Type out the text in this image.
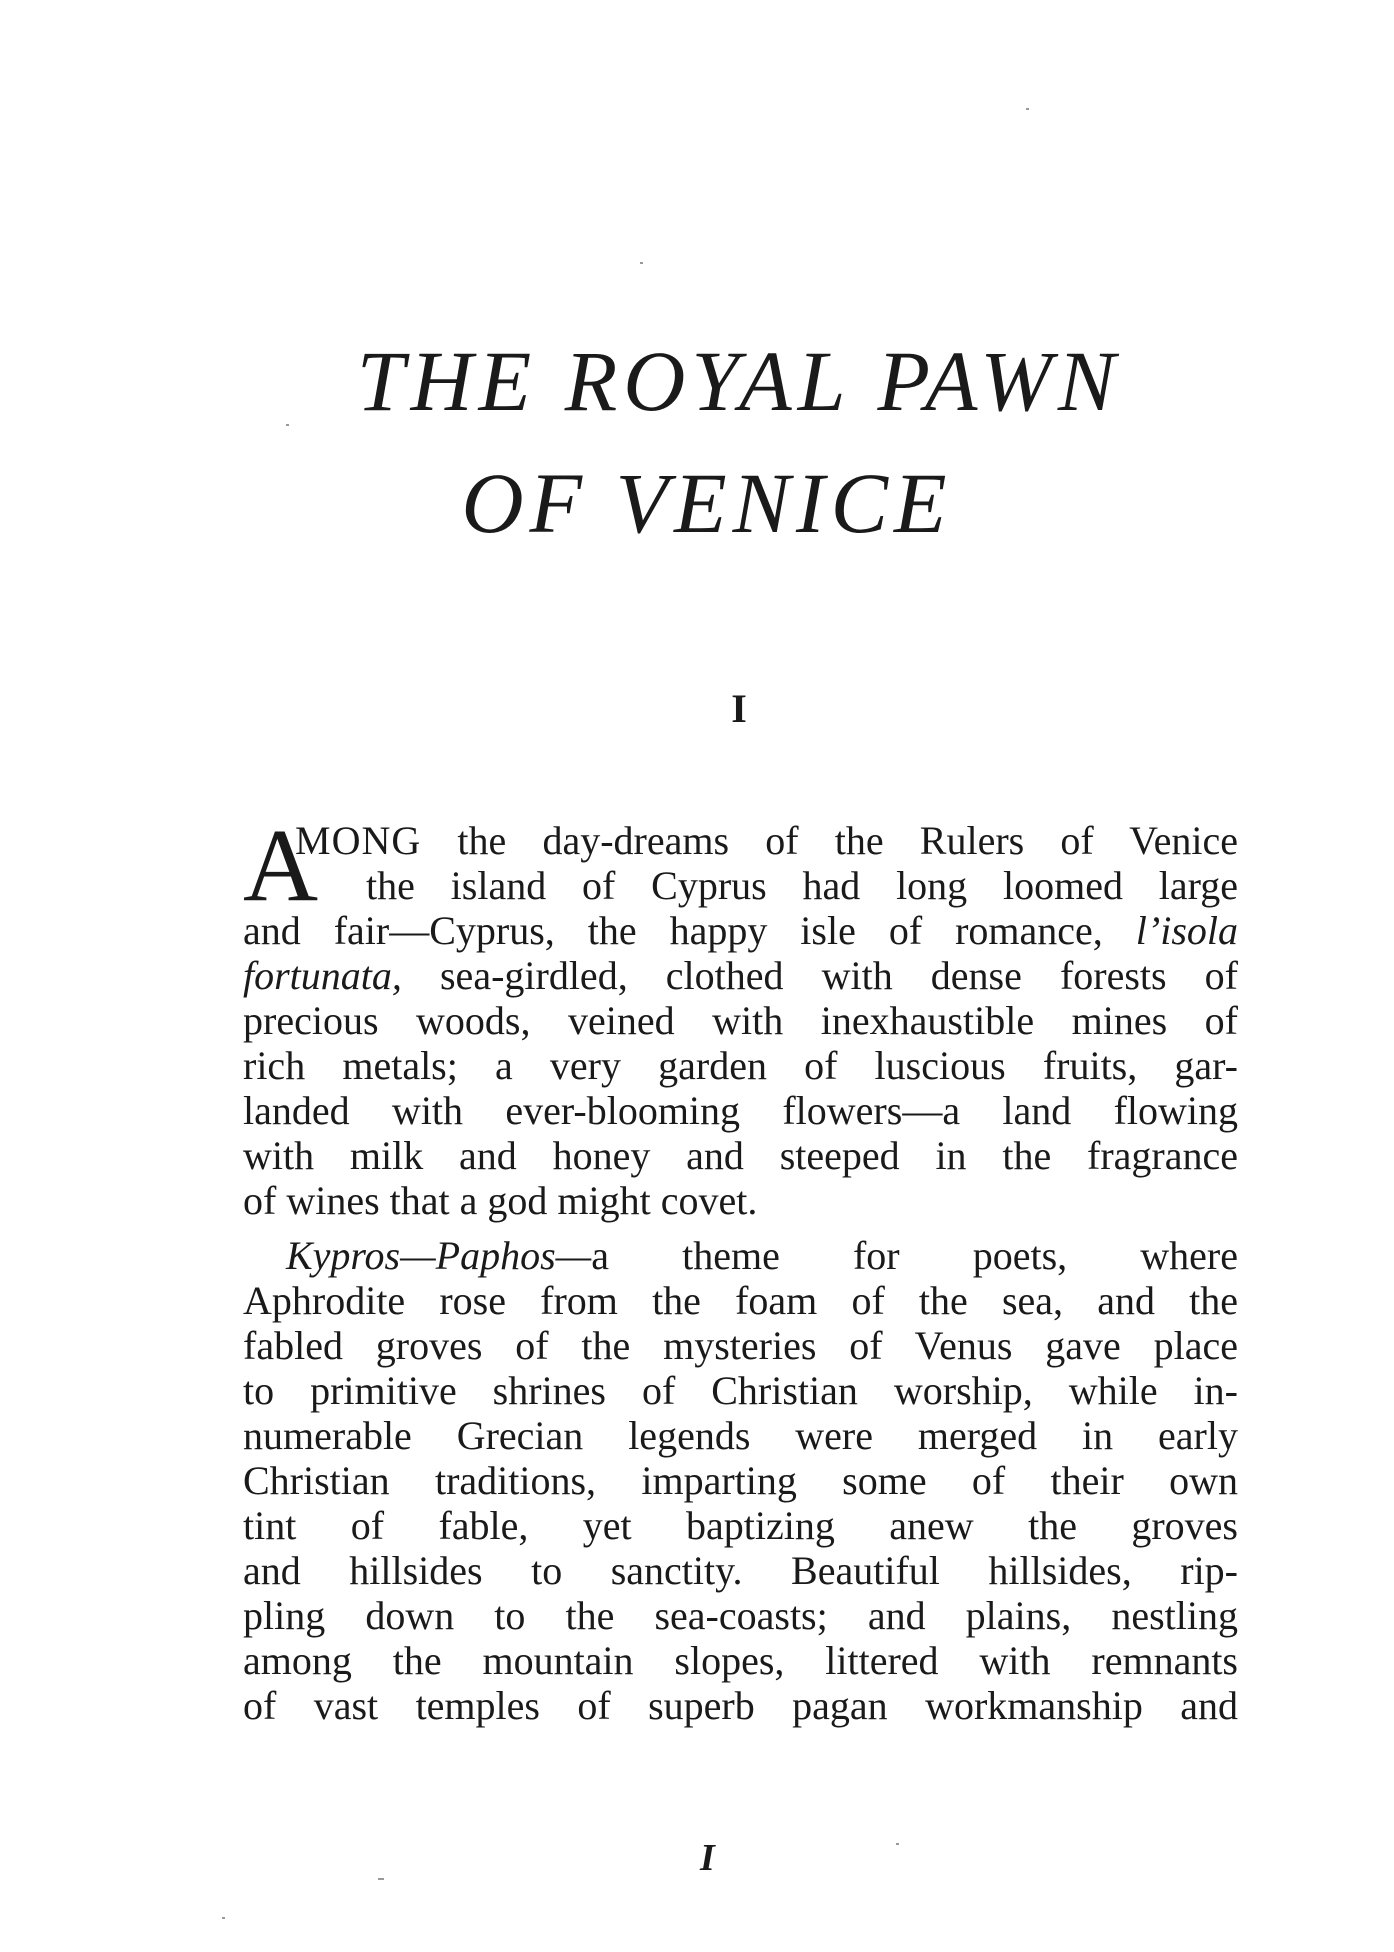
THE ROYAL PAWN
OF VENICE
I
A
MONG the day-dreams of the Rulers of Venice
the island of Cyprus had long loomed large
and fair—Cyprus, the happy isle of romance, l’isola
fortunata, sea-girdled, clothed with dense forests of
precious woods, veined with inexhaustible mines of
rich metals; a very garden of luscious fruits, gar-
landed with ever-blooming flowers—a land flowing
with milk and honey and steeped in the fragrance
of wines that a god might covet.
Kypros—Paphos—a theme for poets, where
Aphrodite rose from the foam of the sea, and the
fabled groves of the mysteries of Venus gave place
to primitive shrines of Christian worship, while in-
numerable Grecian legends were merged in early
Christian traditions, imparting some of their own
tint of fable, yet baptizing anew the groves
and hillsides to sanctity. Beautiful hillsides, rip-
pling down to the sea-coasts; and plains, nestling
among the mountain slopes, littered with remnants
of vast temples of superb pagan workmanship and
I
